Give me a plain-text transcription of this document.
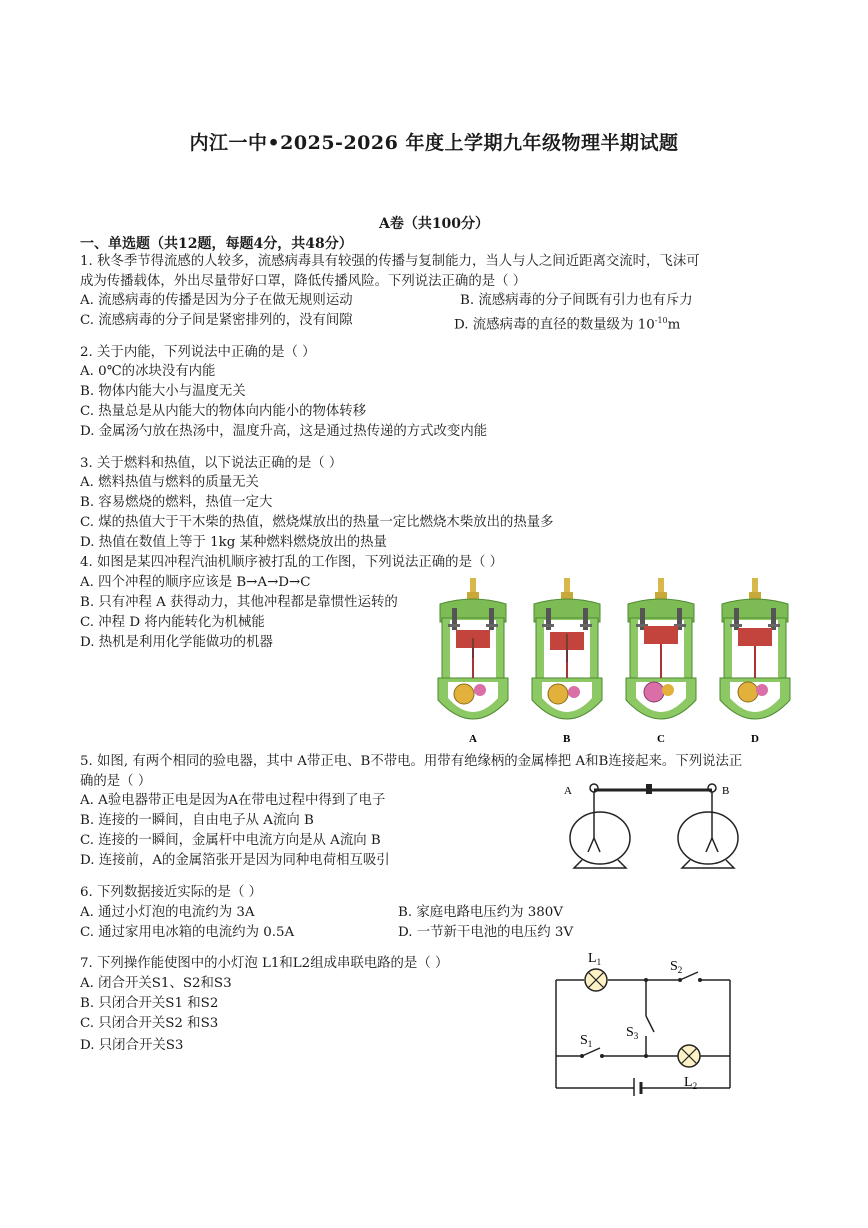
内江一中•2025-2026 年度上学期九年级物理半期试题
A卷（共100分）
一、单选题（共12题，每题4分，共48分）
1. 秋冬季节得流感的人较多，流感病毒具有较强的传播与复制能力，当人与人之间近距离交流时，飞沫可
成为传播载体，外出尽量带好口罩，降低传播风险。下列说法正确的是（ ）
A. 流感病毒的传播是因为分子在做无规则运动	B. 流感病毒的分子间既有引力也有斥力
C. 流感病毒的分子间是紧密排列的，没有间隙	D. 流感病毒的直径的数量级为 $10^{-10}m$
2. 关于内能，下列说法中正确的是（ ）
A. 0℃的冰块没有内能
B. 物体内能大小与温度无关
C. 热量总是从内能大的物体向内能小的物体转移
D. 金属汤勺放在热汤中，温度升高，这是通过热传递的方式改变内能
3. 关于燃料和热值，以下说法正确的是（ ）
A. 燃料热值与燃料的质量无关
B. 容易燃烧的燃料，热值一定大
C. 煤的热值大于干木柴的热值，燃烧煤放出的热量一定比燃烧木柴放出的热量多
D. 热值在数值上等于 1kg 某种燃料燃烧放出的热量
4. 如图是某四冲程汽油机顺序被打乱的工作图，下列说法正确的是（ ）
A. 四个冲程的顺序应该是 B→A→D→C
B. 只有冲程 A 获得动力，其他冲程都是靠惯性运转的
C. 冲程 D 将内能转化为机械能
D. 热机是利用化学能做功的机器
A	B	C	D
5. 如图, 有两个相同的验电器，其中 A带正电、B不带电。用带有绝缘柄的金属棒把 A和B连接起来。下列说法正
确的是（ ）
A. A验电器带正电是因为A在带电过程中得到了电子
B. 连接的一瞬间，自由电子从 A流向 B
C. 连接的一瞬间，金属杆中电流方向是从 A流向 B
D. 连接前，A的金属箔张开是因为同种电荷相互吸引
A	B
6. 下列数据接近实际的是（ ）
A. 通过小灯泡的电流约为 3A	B. 家庭电路电压约为 380V
C. 通过家用电冰箱的电流约为 0.5A	D. 一节新干电池的电压约 3V
7. 下列操作能使图中的小灯泡 L1和L2组成串联电路的是（ ）
A. 闭合开关S1、S2和S3
B. 只闭合开关S1 和S2
C. 只闭合开关S2 和S3
D. 只闭合开关S3
$L_1$	$S_2$
$S_3$
$S_1$
$L_2$
